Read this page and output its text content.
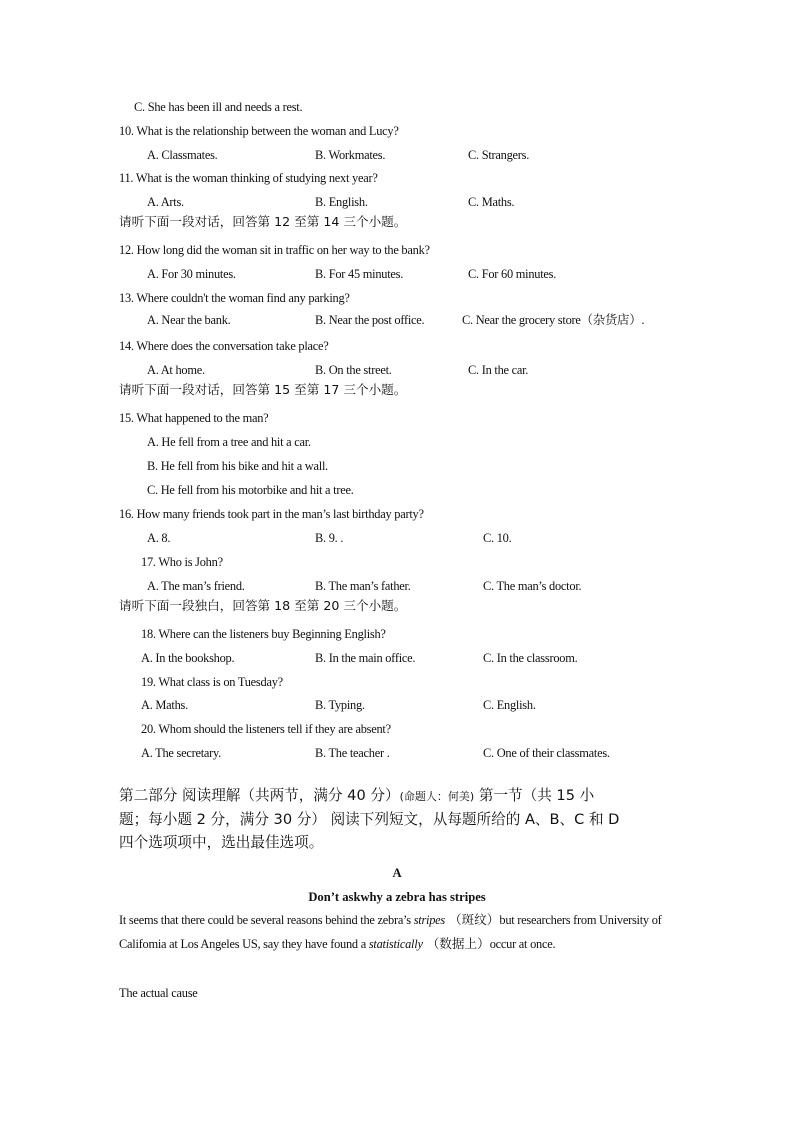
C. She has been ill and needs a rest.
10. What is the relationship between the woman and Lucy?
A. Classmates.	B. Workmates.	C. Strangers.
11. What is the woman thinking of studying next year?
A. Arts.	B. English.	C. Maths.
请听下面一段对话，回答第 12 至第 14 三个小题。
12. How long did the woman sit in traffic on her way to the bank?
A. For 30 minutes.	B. For 45 minutes.	C. For 60 minutes.
13. Where couldn't the woman find any parking?
A. Near the bank.	B. Near the post office.	C. Near the grocery store（杂货店）.
14. Where does the conversation take place?
A. At home.	B. On the street.	C. In the car.
请听下面一段对话，回答第 15 至第 17 三个小题。
15. What happened to the man?
A. He fell from a tree and hit a car.
B. He fell from his bike and hit a wall.
C. He fell from his motorbike and hit a tree.
16. How many friends took part in the man’s last birthday party?
A. 8.	B. 9. .	C. 10.
17. Who is John?
A. The man’s friend.	B. The man’s father.	C. The man’s doctor.
请听下面一段独白，回答第 18 至第 20 三个小题。
18. Where can the listeners buy Beginning English?
A. In the bookshop.	B. In the main office.	C. In the classroom.
19. What class is on Tuesday?
A. Maths.	B. Typing.	C. English.
20. Whom should the listeners tell if they are absent?
A. The secretary.	B. The teacher .	C. One of their classmates.
第二部分 阅读理解（共两节，满分 40 分）(命题人：何美) 第一节（共 15 小
题；每小题 2 分，满分 30 分） 阅读下列短文，从每题所给的 A、B、C 和 D
四个选项项中，选出最佳选项。
A
Don’t askwhy a zebra has stripes
It seems that there could be several reasons behind the zebra’s stripes （斑纹）but researchers from University of Califomia at Los Angeles US, say they have found a statistically （数据上）occur at once.
The actual cause
